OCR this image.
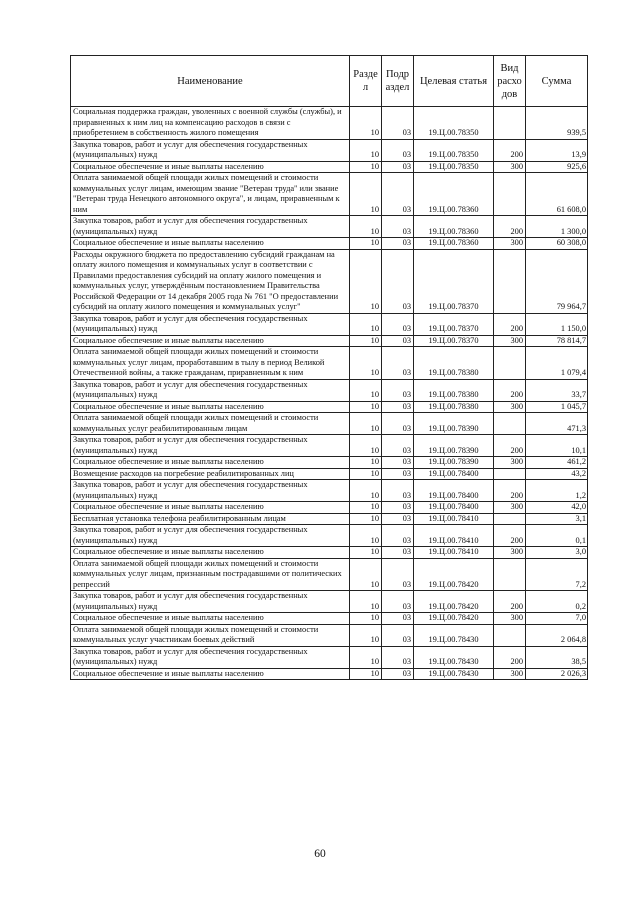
Наименование	Разде л	Подр аздел	Целевая статья	Вид расхо дов	Сумма
Социальная поддержка граждан, уволенных с военной службы (службы), и приравненных к ним лиц на компенсацию расходов в связи с приобретением в собственность жилого помещения	10	03	19.Ц.00.78350		939,5
Закупка товаров, работ и услуг для обеспечения государственных (муниципальных) нужд	10	03	19.Ц.00.78350	200	13,9
Социальное обеспечение и иные выплаты населению	10	03	19.Ц.00.78350	300	925,6
Оплата занимаемой общей площади жилых помещений и стоимости коммунальных услуг лицам, имеющим звание "Ветеран труда" или звание "Ветеран труда Ненецкого автономного округа", и лицам, приравненным к ним	10	03	19.Ц.00.78360		61 608,0
Закупка товаров, работ и услуг для обеспечения государственных (муниципальных) нужд	10	03	19.Ц.00.78360	200	1 300,0
Социальное обеспечение и иные выплаты населению	10	03	19.Ц.00.78360	300	60 308,0
Расходы окружного бюджета по предоставлению субсидий гражданам на оплату жилого помещения и коммунальных услуг в соответствии с Правилами предоставления субсидий на оплату жилого помещения и коммунальных услуг, утверждённым постановлением Правительства Российской Федерации от 14 декабря 2005 года № 761 "О предоставлении субсидий на оплату жилого помещения и коммунальных услуг"	10	03	19.Ц.00.78370		79 964,7
Закупка товаров, работ и услуг для обеспечения государственных (муниципальных) нужд	10	03	19.Ц.00.78370	200	1 150,0
Социальное обеспечение и иные выплаты населению	10	03	19.Ц.00.78370	300	78 814,7
Оплата занимаемой общей площади жилых помещений и стоимости коммунальных услуг лицам, проработавшим в тылу в период Великой Отечественной войны, а также гражданам, приравненным к ним	10	03	19.Ц.00.78380		1 079,4
Закупка товаров, работ и услуг для обеспечения государственных (муниципальных) нужд	10	03	19.Ц.00.78380	200	33,7
Социальное обеспечение и иные выплаты населению	10	03	19.Ц.00.78380	300	1 045,7
Оплата занимаемой общей площади жилых помещений и стоимости коммунальных услуг реабилитированным лицам	10	03	19.Ц.00.78390		471,3
Закупка товаров, работ и услуг для обеспечения государственных (муниципальных) нужд	10	03	19.Ц.00.78390	200	10,1
Социальное обеспечение и иные выплаты населению	10	03	19.Ц.00.78390	300	461,2
Возмещение расходов на погребение реабилитированных лиц	10	03	19.Ц.00.78400		43,2
Закупка товаров, работ и услуг для обеспечения государственных (муниципальных) нужд	10	03	19.Ц.00.78400	200	1,2
Социальное обеспечение и иные выплаты населению	10	03	19.Ц.00.78400	300	42,0
Бесплатная установка телефона реабилитированным лицам	10	03	19.Ц.00.78410		3,1
Закупка товаров, работ и услуг для обеспечения государственных (муниципальных) нужд	10	03	19.Ц.00.78410	200	0,1
Социальное обеспечение и иные выплаты населению	10	03	19.Ц.00.78410	300	3,0
Оплата занимаемой общей площади жилых помещений и стоимости коммунальных услуг лицам, признанным пострадавшими от политических репрессий	10	03	19.Ц.00.78420		7,2
Закупка товаров, работ и услуг для обеспечения государственных (муниципальных) нужд	10	03	19.Ц.00.78420	200	0,2
Социальное обеспечение и иные выплаты населению	10	03	19.Ц.00.78420	300	7,0
Оплата занимаемой общей площади жилых помещений и стоимости коммунальных услуг участникам боевых действий	10	03	19.Ц.00.78430		2 064,8
Закупка товаров, работ и услуг для обеспечения государственных (муниципальных) нужд	10	03	19.Ц.00.78430	200	38,5
Социальное обеспечение и иные выплаты населению	10	03	19.Ц.00.78430	300	2 026,3
60
